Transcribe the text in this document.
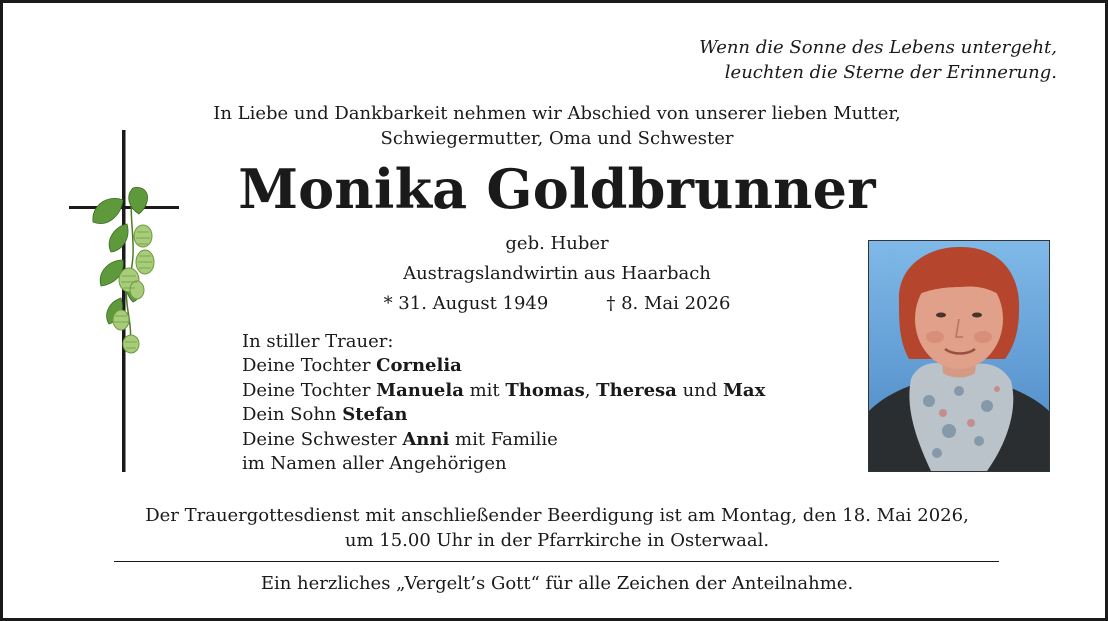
Wenn die Sonne des Lebens untergeht,
leuchten die Sterne der Erinnerung.
In Liebe und Dankbarkeit nehmen wir Abschied von unserer lieben Mutter,
Schwiegermutter, Oma und Schwester
Monika Goldbrunner
geb. Huber
Austragslandwirtin aus Haarbach
* 31. August 1949	† 8. Mai 2026
In stiller Trauer:
Deine Tochter Cornelia
Deine Tochter Manuela mit Thomas, Theresa und Max
Dein Sohn Stefan
Deine Schwester Anni mit Familie
im Namen aller Angehörigen
Der Trauergottesdienst mit anschließender Beerdigung ist am Montag, den 18. Mai 2026,
um 15.00 Uhr in der Pfarrkirche in Osterwaal.
Ein herzliches „Vergelt’s Gott“ für alle Zeichen der Anteilnahme.
